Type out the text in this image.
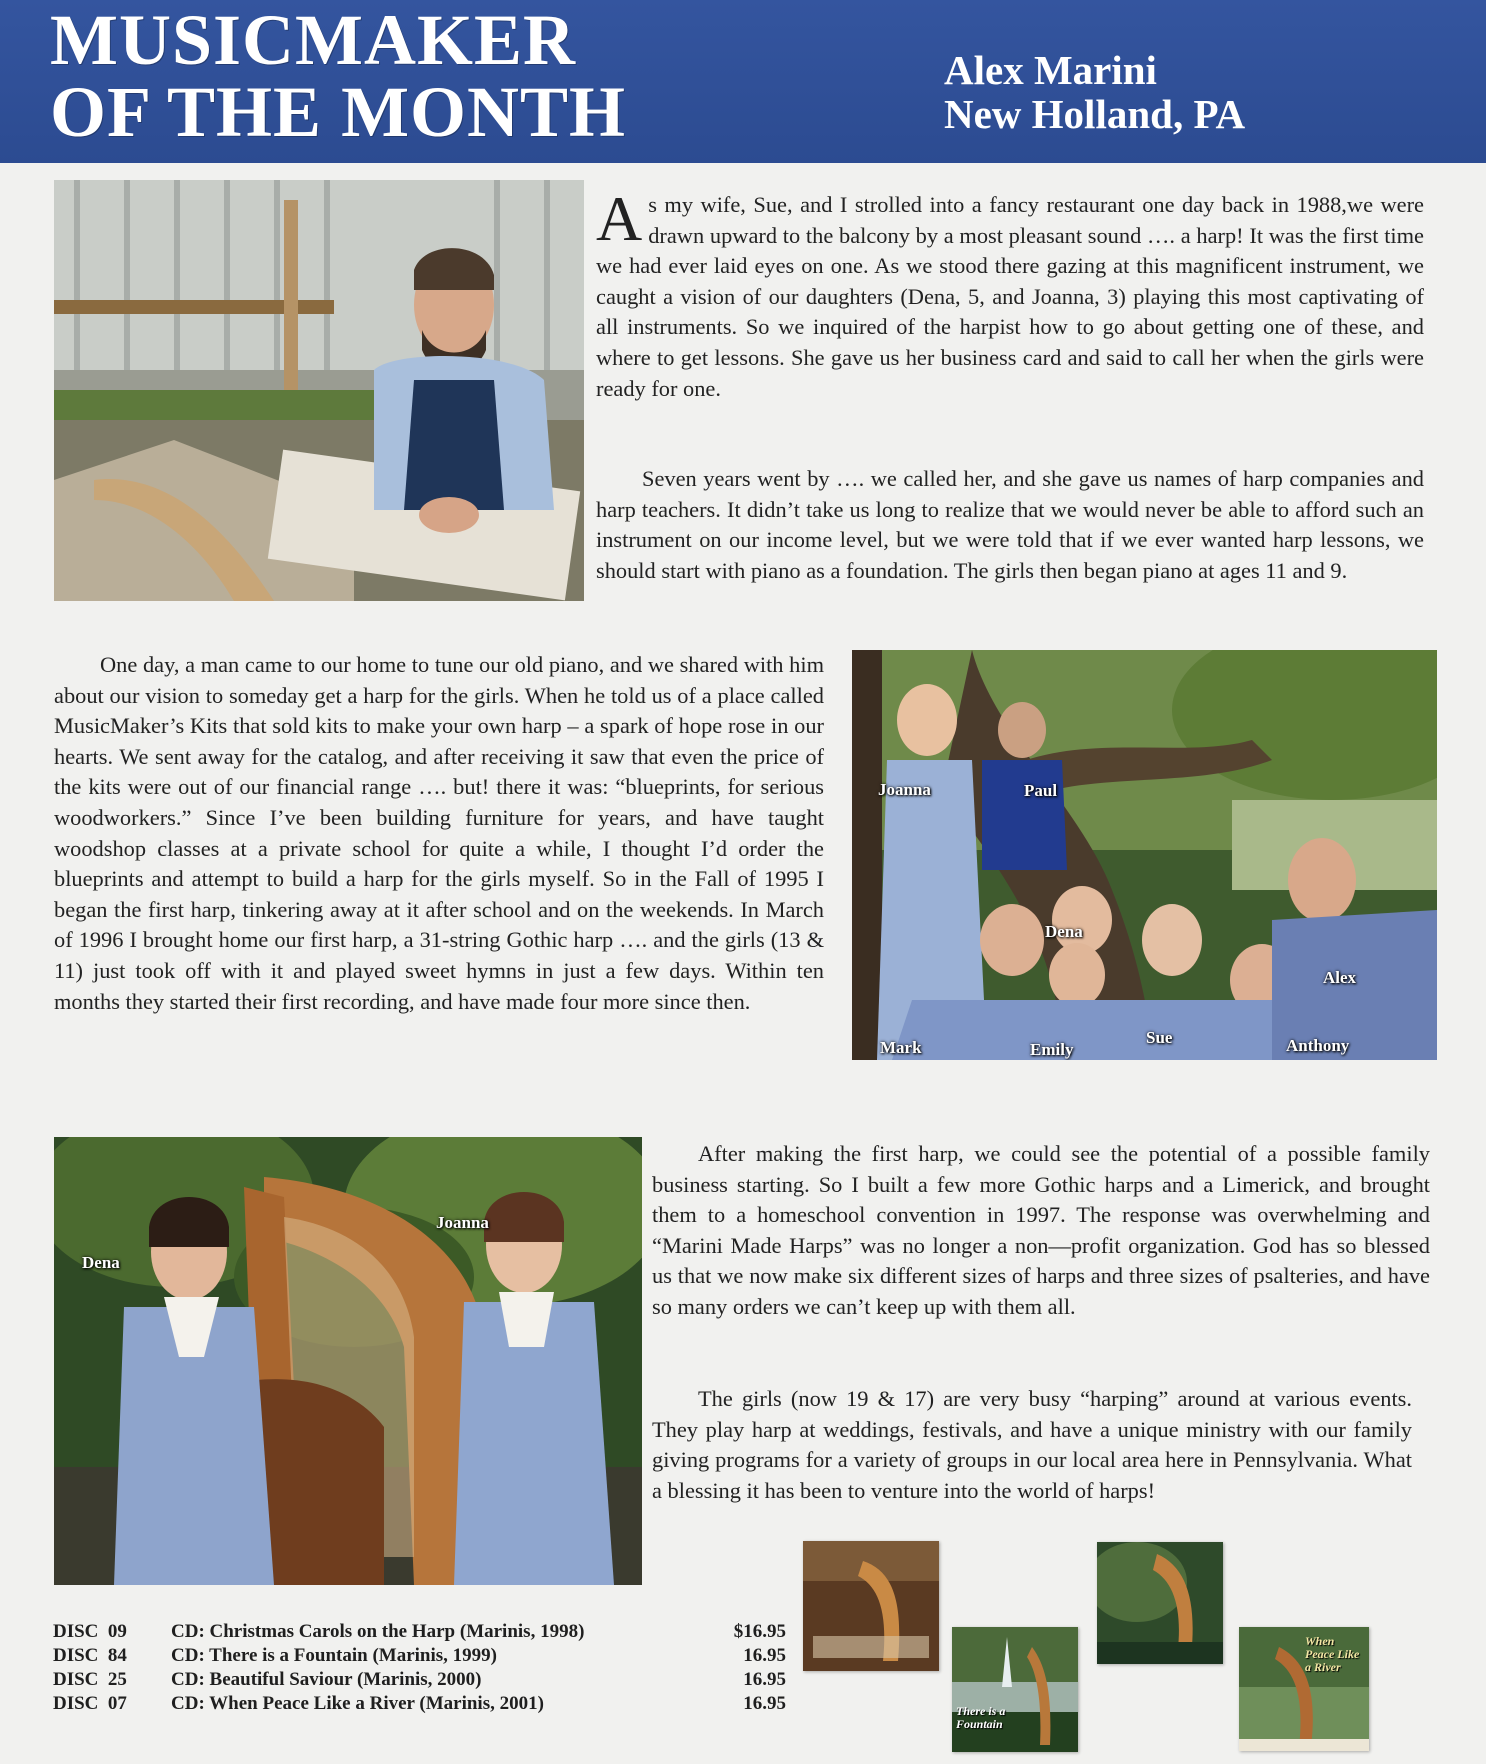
MUSICMAKER
OF THE MONTH
Alex Marini
New Holland, PA
As my wife, Sue, and I strolled into a fancy restaurant one day back in 1988,we were drawn upward to the balcony by a most pleasant sound …. a harp! It was the first time we had ever laid eyes on one. As we stood there gazing at this magnificent instrument, we caught a vision of our daughters (Dena, 5, and Joanna, 3) playing this most captivating of all instruments. So we inquired of the harpist how to go about getting one of these, and where to get lessons. She gave us her business card and said to call her when the girls were ready for one.
Seven years went by …. we called her, and she gave us names of harp companies and harp teachers. It didn’t take us long to realize that we would never be able to afford such an instrument on our income level, but we were told that if we ever wanted harp lessons, we should start with piano as a foundation. The girls then began piano at ages 11 and 9.
One day, a man came to our home to tune our old piano, and we shared with him about our vision to someday get a harp for the girls. When he told us of a place called MusicMaker’s Kits that sold kits to make your own harp – a spark of hope rose in our hearts. We sent away for the catalog, and after receiving it saw that even the price of the kits were out of our financial range …. but! there it was: “blueprints, for serious woodworkers.” Since I’ve been building furniture for years, and have taught woodshop classes at a private school for quite a while, I thought I’d order the blueprints and attempt to build a harp for the girls myself. So in the Fall of 1995 I began the first harp, tinkering away at it after school and on the weekends. In March of 1996 I brought home our first harp, a 31-string Gothic harp …. and the girls (13 & 11) just took off with it and played sweet hymns in just a few days. Within ten months they started their first recording, and have made four more since then.
Joanna	Paul
Dena
Alex
Mark	Emily
Sue	Anthony
Dena
Joanna
After making the first harp, we could see the potential of a possible family business starting. So I built a few more Gothic harps and a Limerick, and brought them to a homeschool convention in 1997. The response was overwhelming and “Marini Made Harps” was no longer a non—profit organization. God has so blessed us that we now make six different sizes of harps and three sizes of psalteries, and have so many orders we can’t keep up with them all.
The girls (now 19 & 17) are very busy “harping” around at various events. They play harp at weddings, festivals, and have a unique ministry with our family giving programs for a variety of groups in our local area here in Pennsylvania. What a blessing it has been to venture into the world of harps!
DISC  09	CD: Christmas Carols on the Harp (Marinis, 1998)	$16.95
DISC  84	CD: There is a Fountain (Marinis, 1999)	16.95
DISC  25	CD: Beautiful Saviour (Marinis, 2000)	16.95
DISC  07	CD: When Peace Like a River (Marinis, 2001)	16.95	There is a Fountain
When Peace Like a River
